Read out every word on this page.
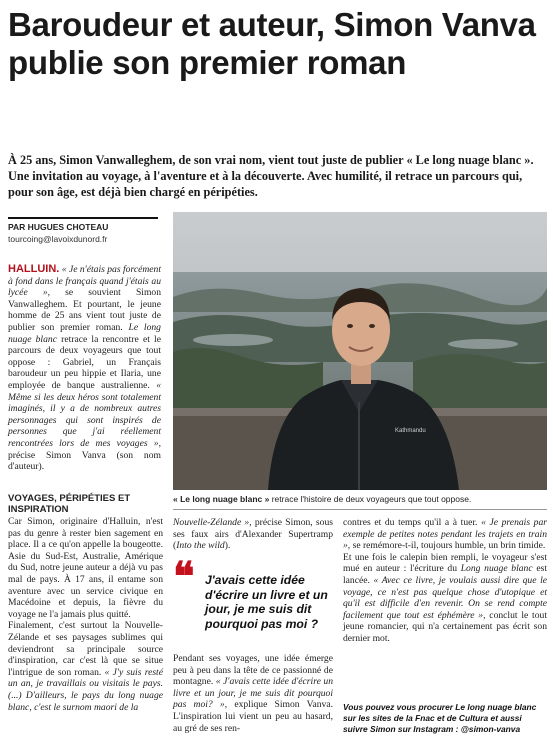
Baroudeur et auteur, Simon Vanva publie son premier roman

À 25 ans, Simon Vanwalleghem, de son vrai nom, vient tout juste de publier « Le long nuage blanc ». Une invitation au voyage, à l'aventure et à la découverte. Avec humilité, il retrace un parcours qui, pour son âge, est déjà bien chargé en péripéties.

PAR HUGUES CHOTEAU
tourcoing@lavoixdunord.fr

HALLUIN. « Je n'étais pas forcément à fond dans le français quand j'étais au lycée », se souvient Simon Vanwalleghem. Et pourtant, le jeune homme de 25 ans vient tout juste de publier son premier roman. Le long nuage blanc retrace la rencontre et le parcours de deux voyageurs que tout oppose : Gabriel, un Français baroudeur un peu hippie et Ilaria, une employée de banque australienne. « Même si les deux héros sont totalement imaginés, il y a de nombreux autres personnages qui sont inspirés de personnes que j'ai réellement rencontrées lors de mes voyages », précise Simon Vanva (son nom d'auteur).

VOYAGES, PÉRIPÉTIES ET INSPIRATION

Car Simon, originaire d'Halluin, n'est pas du genre à rester bien sagement en place. Il a ce qu'on appelle la bougeotte. Asie du Sud-Est, Australie, Amérique du Sud, notre jeune auteur a déjà vu pas mal de pays. À 17 ans, il entame son aventure avec un service civique en Macédoine et depuis, la fièvre du voyage ne l'a jamais plus quitté.
Finalement, c'est surtout la Nouvelle-Zélande et ses paysages sublimes qui deviendront sa principale source d'inspiration, car c'est là que se situe l'intrigue de son roman. « J'y suis resté un an, je travaillais ou visitais le pays. (...) D'ailleurs, le pays du long nuage blanc, c'est le surnom maori de la

Kathmandu

« Le long nuage blanc » retrace l'histoire de deux voyageurs que tout oppose.

Nouvelle-Zélande », précise Simon, sous ses faux airs d'Alexander Supertramp (Into the wild).

❝ J'avais cette idée d'écrire un livre et un jour, je me suis dit pourquoi pas moi ?

Pendant ses voyages, une idée émerge peu à peu dans la tête de ce passionné de montagne. « J'avais cette idée d'écrire un livre et un jour, je me suis dit pourquoi pas moi? », explique Simon Vanva. L'inspiration lui vient un peu au hasard, au gré de ses ren-

contres et du temps qu'il a à tuer. « Je prenais par exemple de petites notes pendant les trajets en train », se remémore-t-il, toujours humble, un brin timide.
Et une fois le calepin bien rempli, le voyageur s'est mué en auteur : l'écriture du Long nuage blanc est lancée. « Avec ce livre, je voulais aussi dire que le voyage, ce n'est pas quelque chose d'utopique et qu'il est difficile d'en revenir. On se rend compte facilement que tout est éphémère », conclut le tout jeune romancier, qui n'a certainement pas écrit son dernier mot.

Vous pouvez vous procurer Le long nuage blanc sur les sites de la Fnac et de Cultura et aussi suivre Simon sur Instagram : @simon-vanva
